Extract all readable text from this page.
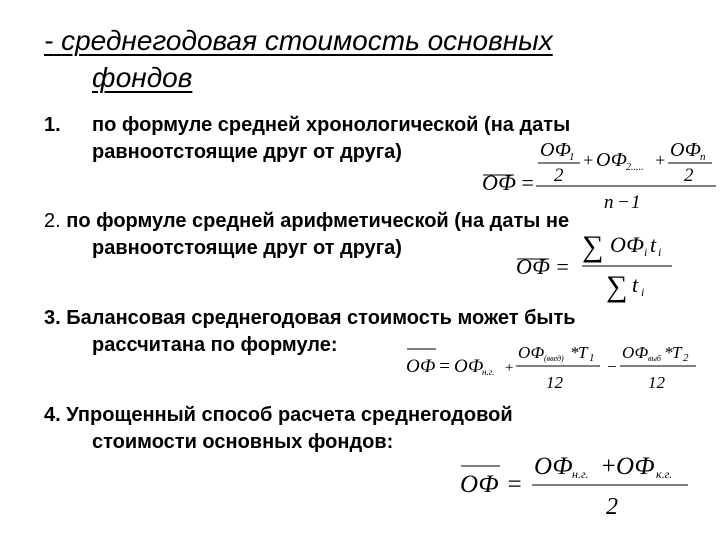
- среднегодовая стоимость основных
фондов
1. по формуле средней хронологической (на даты
равноотстоящие друг от друга)
ОФ =
ОФ
1
2
+ ОФ 2..... + ОФ n
2
n − 1
2. по формуле средней арифметической (на даты не
равноотстоящие друг от друга)
ОФ =
∑ ОФ i t i
∑ t i
3. Балансовая среднегодовая стоимость может быть
рассчитана по формуле:
ОФ = ОФ
н.г. +
ОФ (введ) * T 1
12
−
ОФ выб * T 2
12
4. Упрощенный способ расчета среднегодовой
стоимости основных фондов:
ОФ =
ОФ н.г. + ОФ к.г.
2
